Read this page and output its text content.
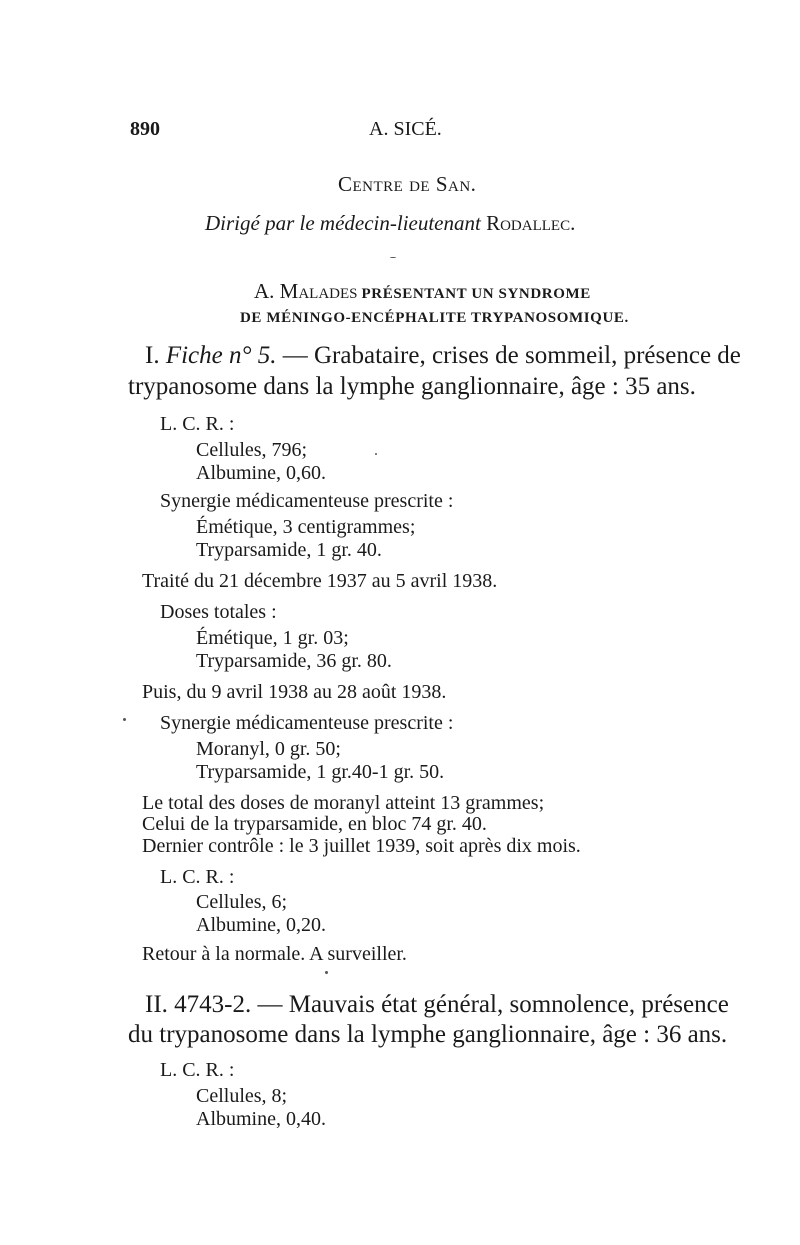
890	A. SICÉ.
Centre de San.
Dirigé par le médecin-lieutenant Rodallec.
A. Malades PRÉSENTANT UN SYNDROME
DE MÉNINGO-ENCÉPHALITE TRYPANOSOMIQUE.
I. Fiche n° 5. — Grabataire, crises de sommeil, présence de
trypanosome dans la lymphe ganglionnaire, âge : 35 ans.
L. C. R. :
Cellules, 796;
Albumine, 0,60.
Synergie médicamenteuse prescrite :
Émétique, 3 centigrammes;
Tryparsamide, 1 gr. 40.
Traité du 21 décembre 1937 au 5 avril 1938.
Doses totales :
Émétique, 1 gr. 03;
Tryparsamide, 36 gr. 80.
Puis, du 9 avril 1938 au 28 août 1938.
Synergie médicamenteuse prescrite :
Moranyl, 0 gr. 50;
Tryparsamide, 1 gr.40-1 gr. 50.
Le total des doses de moranyl atteint 13 grammes;
Celui de la tryparsamide, en bloc 74 gr. 40.
Dernier contrôle : le 3 juillet 1939, soit après dix mois.
L. C. R. :
Cellules, 6;
Albumine, 0,20.
Retour à la normale. A surveiller.
II. 4743-2. — Mauvais état général, somnolence, présence
du trypanosome dans la lymphe ganglionnaire, âge : 36 ans.
L. C. R. :
Cellules, 8;
Albumine, 0,40.
